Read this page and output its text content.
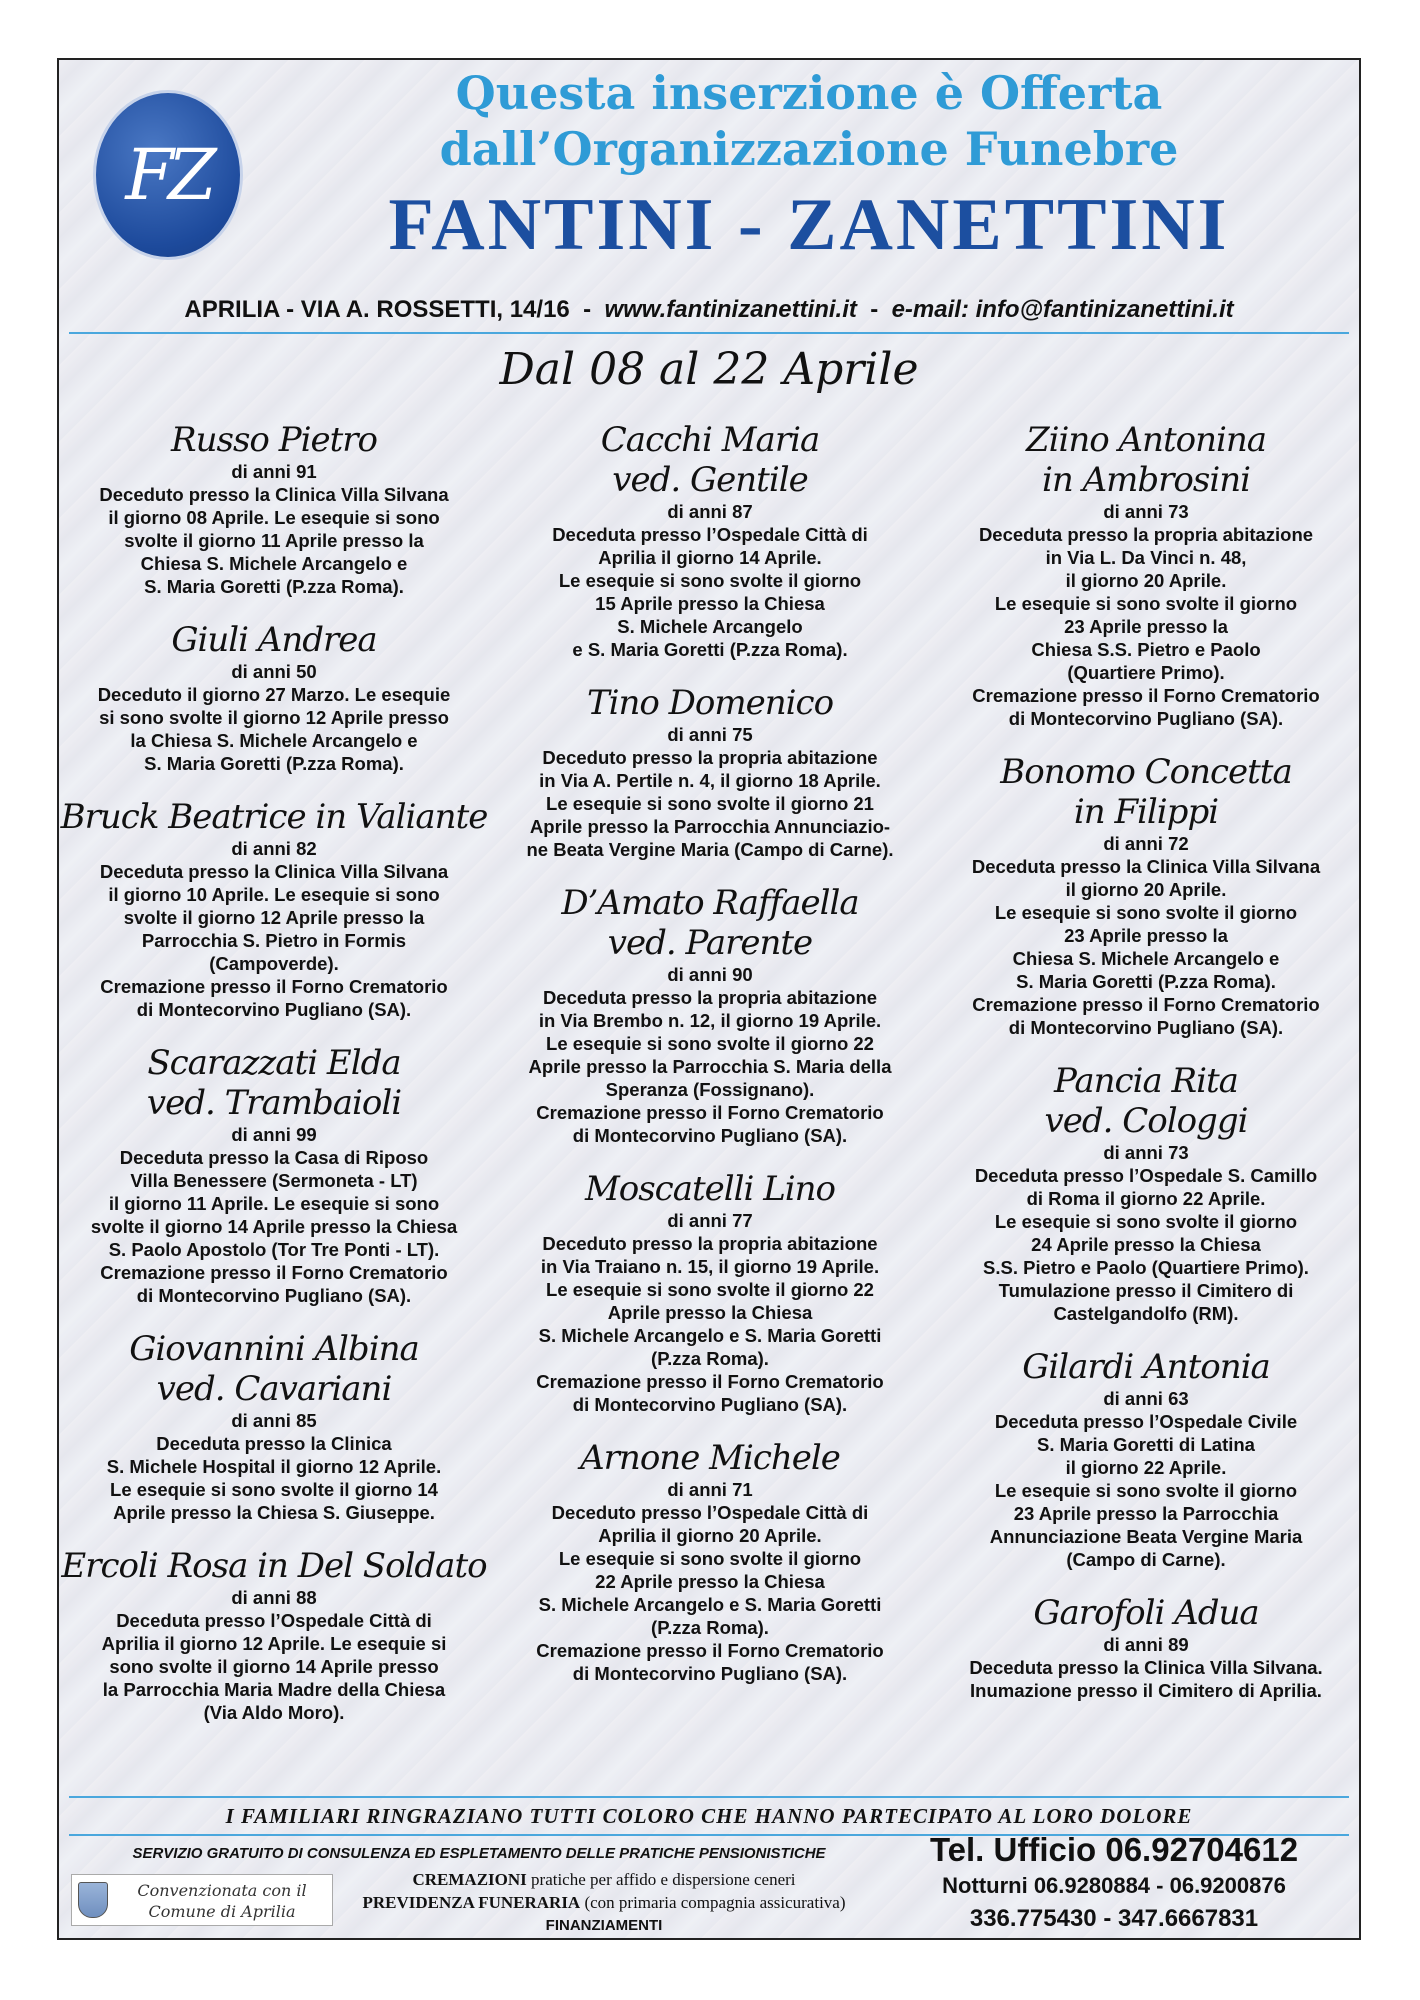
FZ
Questa inserzione è Offerta
dall’Organizzazione Funebre
FANTINI - ZANETTINI
APRILIA - VIA A. ROSSETTI, 14/16 - www.fantinizanettini.it - e-mail: info@fantinizanettini.it
Dal 08 al 22 Aprile
Russo Pietro
di anni 91
Deceduto presso la Clinica Villa Silvana
il giorno 08 Aprile. Le esequie si sono
svolte il giorno 11 Aprile presso la
Chiesa S. Michele Arcangelo e
S. Maria Goretti (P.zza Roma).
Giuli Andrea
di anni 50
Deceduto il giorno 27 Marzo. Le esequie
si sono svolte il giorno 12 Aprile presso
la Chiesa S. Michele Arcangelo e
S. Maria Goretti (P.zza Roma).
Bruck Beatrice in Valiante
di anni 82
Deceduta presso la Clinica Villa Silvana
il giorno 10 Aprile. Le esequie si sono
svolte il giorno 12 Aprile presso la
Parrocchia S. Pietro in Formis
(Campoverde).
Cremazione presso il Forno Crematorio
di Montecorvino Pugliano (SA).
Scarazzati Elda
ved. Trambaioli
di anni 99
Deceduta presso la Casa di Riposo
Villa Benessere (Sermoneta - LT)
il giorno 11 Aprile. Le esequie si sono
svolte il giorno 14 Aprile presso la Chiesa
S. Paolo Apostolo (Tor Tre Ponti - LT).
Cremazione presso il Forno Crematorio
di Montecorvino Pugliano (SA).
Giovannini Albina
ved. Cavariani
di anni 85
Deceduta presso la Clinica
S. Michele Hospital il giorno 12 Aprile.
Le esequie si sono svolte il giorno 14
Aprile presso la Chiesa S. Giuseppe.
Ercoli Rosa in Del Soldato
di anni 88
Deceduta presso l’Ospedale Città di
Aprilia il giorno 12 Aprile. Le esequie si
sono svolte il giorno 14 Aprile presso
la Parrocchia Maria Madre della Chiesa
(Via Aldo Moro).
Cacchi Maria
ved. Gentile
di anni 87
Deceduta presso l’Ospedale Città di
Aprilia il giorno 14 Aprile.
Le esequie si sono svolte il giorno
15 Aprile presso la Chiesa
S. Michele Arcangelo
e S. Maria Goretti (P.zza Roma).
Tino Domenico
di anni 75
Deceduto presso la propria abitazione
in Via A. Pertile n. 4, il giorno 18 Aprile.
Le esequie si sono svolte il giorno 21
Aprile presso la Parrocchia Annunciazio-
ne Beata Vergine Maria (Campo di Carne).
D’Amato Raffaella
ved. Parente
di anni 90
Deceduta presso la propria abitazione
in Via Brembo n. 12, il giorno 19 Aprile.
Le esequie si sono svolte il giorno 22
Aprile presso la Parrocchia S. Maria della
Speranza (Fossignano).
Cremazione presso il Forno Crematorio
di Montecorvino Pugliano (SA).
Moscatelli Lino
di anni 77
Deceduto presso la propria abitazione
in Via Traiano n. 15, il giorno 19 Aprile.
Le esequie si sono svolte il giorno 22
Aprile presso la Chiesa
S. Michele Arcangelo e S. Maria Goretti
(P.zza Roma).
Cremazione presso il Forno Crematorio
di Montecorvino Pugliano (SA).
Arnone Michele
di anni 71
Deceduto presso l’Ospedale Città di
Aprilia il giorno 20 Aprile.
Le esequie si sono svolte il giorno
22 Aprile presso la Chiesa
S. Michele Arcangelo e S. Maria Goretti
(P.zza Roma).
Cremazione presso il Forno Crematorio
di Montecorvino Pugliano (SA).
Ziino Antonina
in Ambrosini
di anni 73
Deceduta presso la propria abitazione
in Via L. Da Vinci n. 48,
il giorno 20 Aprile.
Le esequie si sono svolte il giorno
23 Aprile presso la
Chiesa S.S. Pietro e Paolo
(Quartiere Primo).
Cremazione presso il Forno Crematorio
di Montecorvino Pugliano (SA).
Bonomo Concetta
in Filippi
di anni 72
Deceduta presso la Clinica Villa Silvana
il giorno 20 Aprile.
Le esequie si sono svolte il giorno
23 Aprile presso la
Chiesa S. Michele Arcangelo e
S. Maria Goretti (P.zza Roma).
Cremazione presso il Forno Crematorio
di Montecorvino Pugliano (SA).
Pancia Rita
ved. Cologgi
di anni 73
Deceduta presso l’Ospedale S. Camillo
di Roma il giorno 22 Aprile.
Le esequie si sono svolte il giorno
24 Aprile presso la Chiesa
S.S. Pietro e Paolo (Quartiere Primo).
Tumulazione presso il Cimitero di
Castelgandolfo (RM).
Gilardi Antonia
di anni 63
Deceduta presso l’Ospedale Civile
S. Maria Goretti di Latina
il giorno 22 Aprile.
Le esequie si sono svolte il giorno
23 Aprile presso la Parrocchia
Annunciazione Beata Vergine Maria
(Campo di Carne).
Garofoli Adua
di anni 89
Deceduta presso la Clinica Villa Silvana.
Inumazione presso il Cimitero di Aprilia.
I FAMILIARI RINGRAZIANO TUTTI COLORO CHE HANNO PARTECIPATO AL LORO DOLORE
SERVIZIO GRATUITO DI CONSULENZA ED ESPLETAMENTO DELLE PRATICHE PENSIONISTICHE
Convenzionata con il
Comune di Aprilia
CREMAZIONI pratiche per affido e dispersione ceneri
PREVIDENZA FUNERARIA (con primaria compagnia assicurativa)
FINANZIAMENTI
Tel. Ufficio 06.92704612
Notturni 06.9280884 - 06.9200876
336.775430 - 347.6667831
